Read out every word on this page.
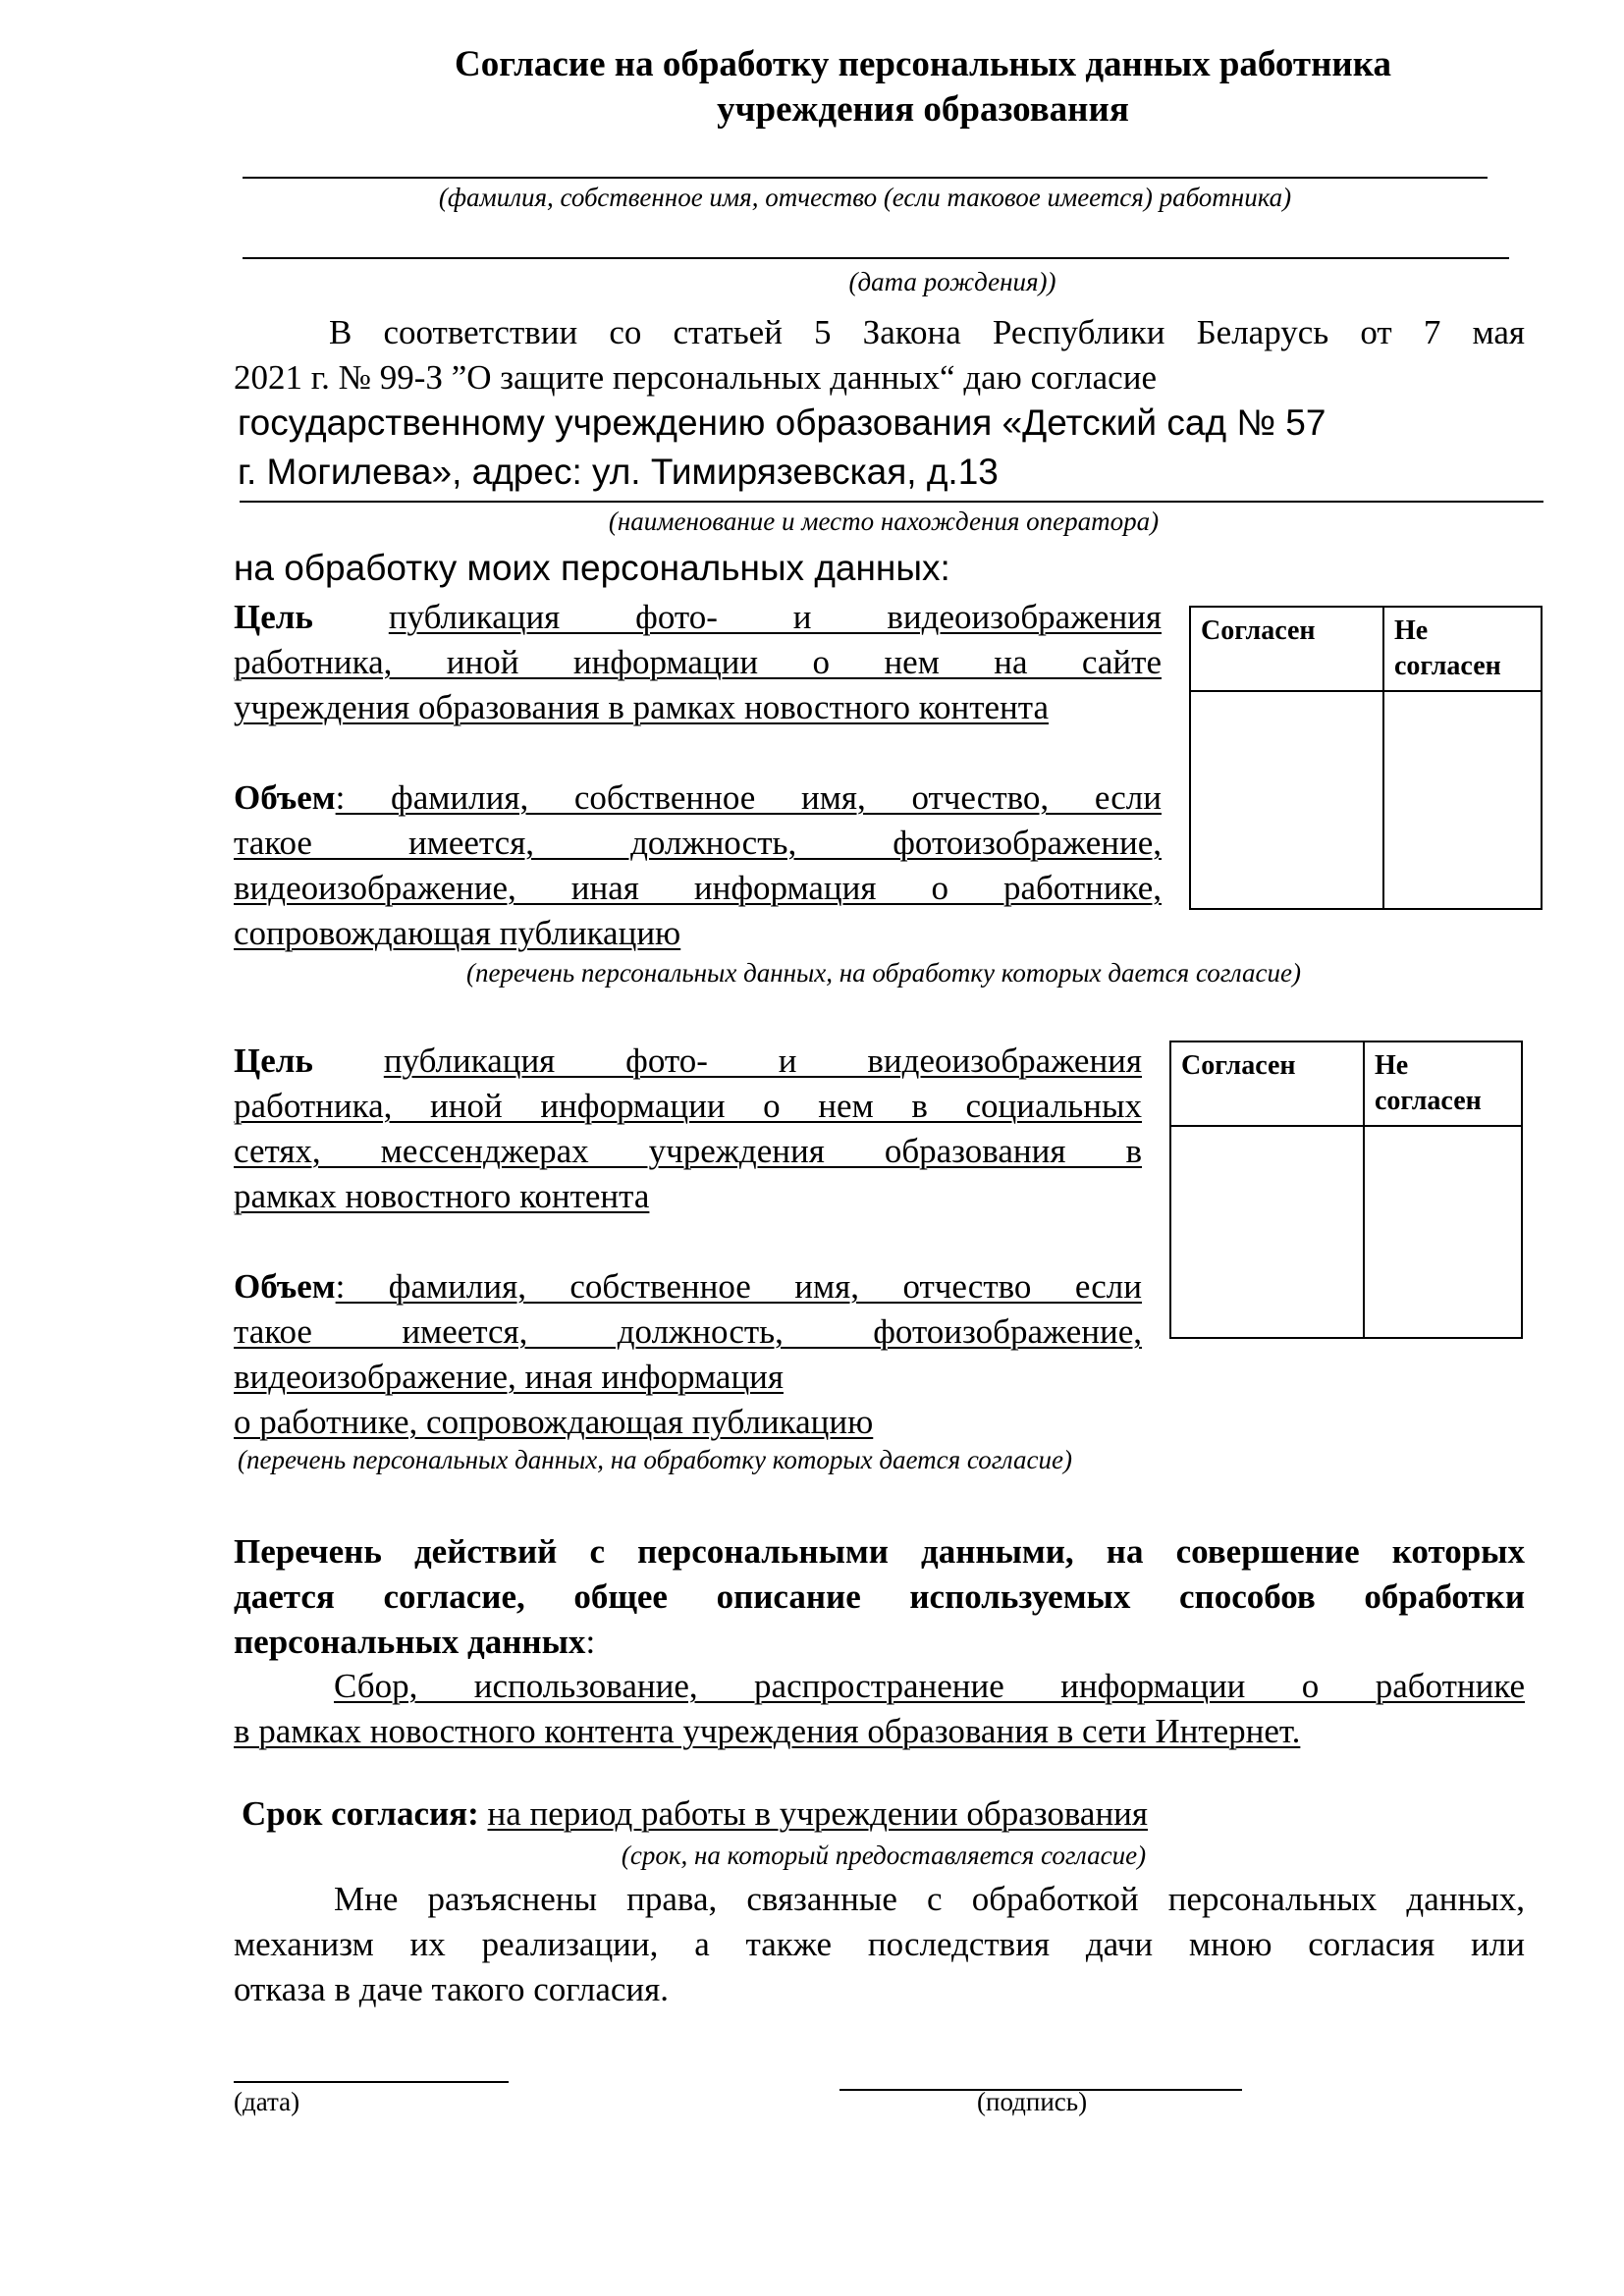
Согласие на обработку персональных данных работника
учреждения образования
(фамилия, собственное имя, отчество (если таковое имеется) работника)
(дата рождения))
В соответствии со статьей 5 Закона Республики Беларусь от 7 мая
2021 г. № 99-З ”О защите персональных данных“ даю согласие
государственному учреждению образования «Детский сад № 57
г. Могилева», адрес: ул. Тимирязевская, д.13
(наименование и место нахождения оператора)
на обработку моих персональных данных:
Цель публикация фото- и видеоизображения
работника, иной информации о нем на сайте
учреждения образования в рамках новостного контента
Объем: фамилия, собственное имя, отчество, если
такое имеется, должность, фотоизображение,
видеоизображение, иная информация о работнике,
сопровождающая публикацию
Согласен	Не
согласен

(перечень персональных данных, на обработку которых дается согласие)
Цель публикация фото- и видеоизображения
работника, иной информации о нем в социальных
сетях, мессенджерах учреждения образования в
рамках новостного контента
Объем: фамилия, собственное имя, отчество если
такое имеется, должность, фотоизображение,
видеоизображение, иная информация
о работнике, сопровождающая публикацию
Согласен	Не
согласен

(перечень персональных данных, на обработку которых дается согласие)
Перечень действий с персональными данными, на совершение которых
дается согласие, общее описание используемых способов обработки
персональных данных:
Сбор, использование, распространение информации о работнике
в рамках новостного контента учреждения образования в сети Интернет.
Срок согласия: на период работы в учреждении образования
(срок, на который предоставляется согласие)
Мне разъяснены права, связанные с обработкой персональных данных,
механизм их реализации, а также последствия дачи мною согласия или
отказа в даче такого согласия.
(дата)	(подпись)
